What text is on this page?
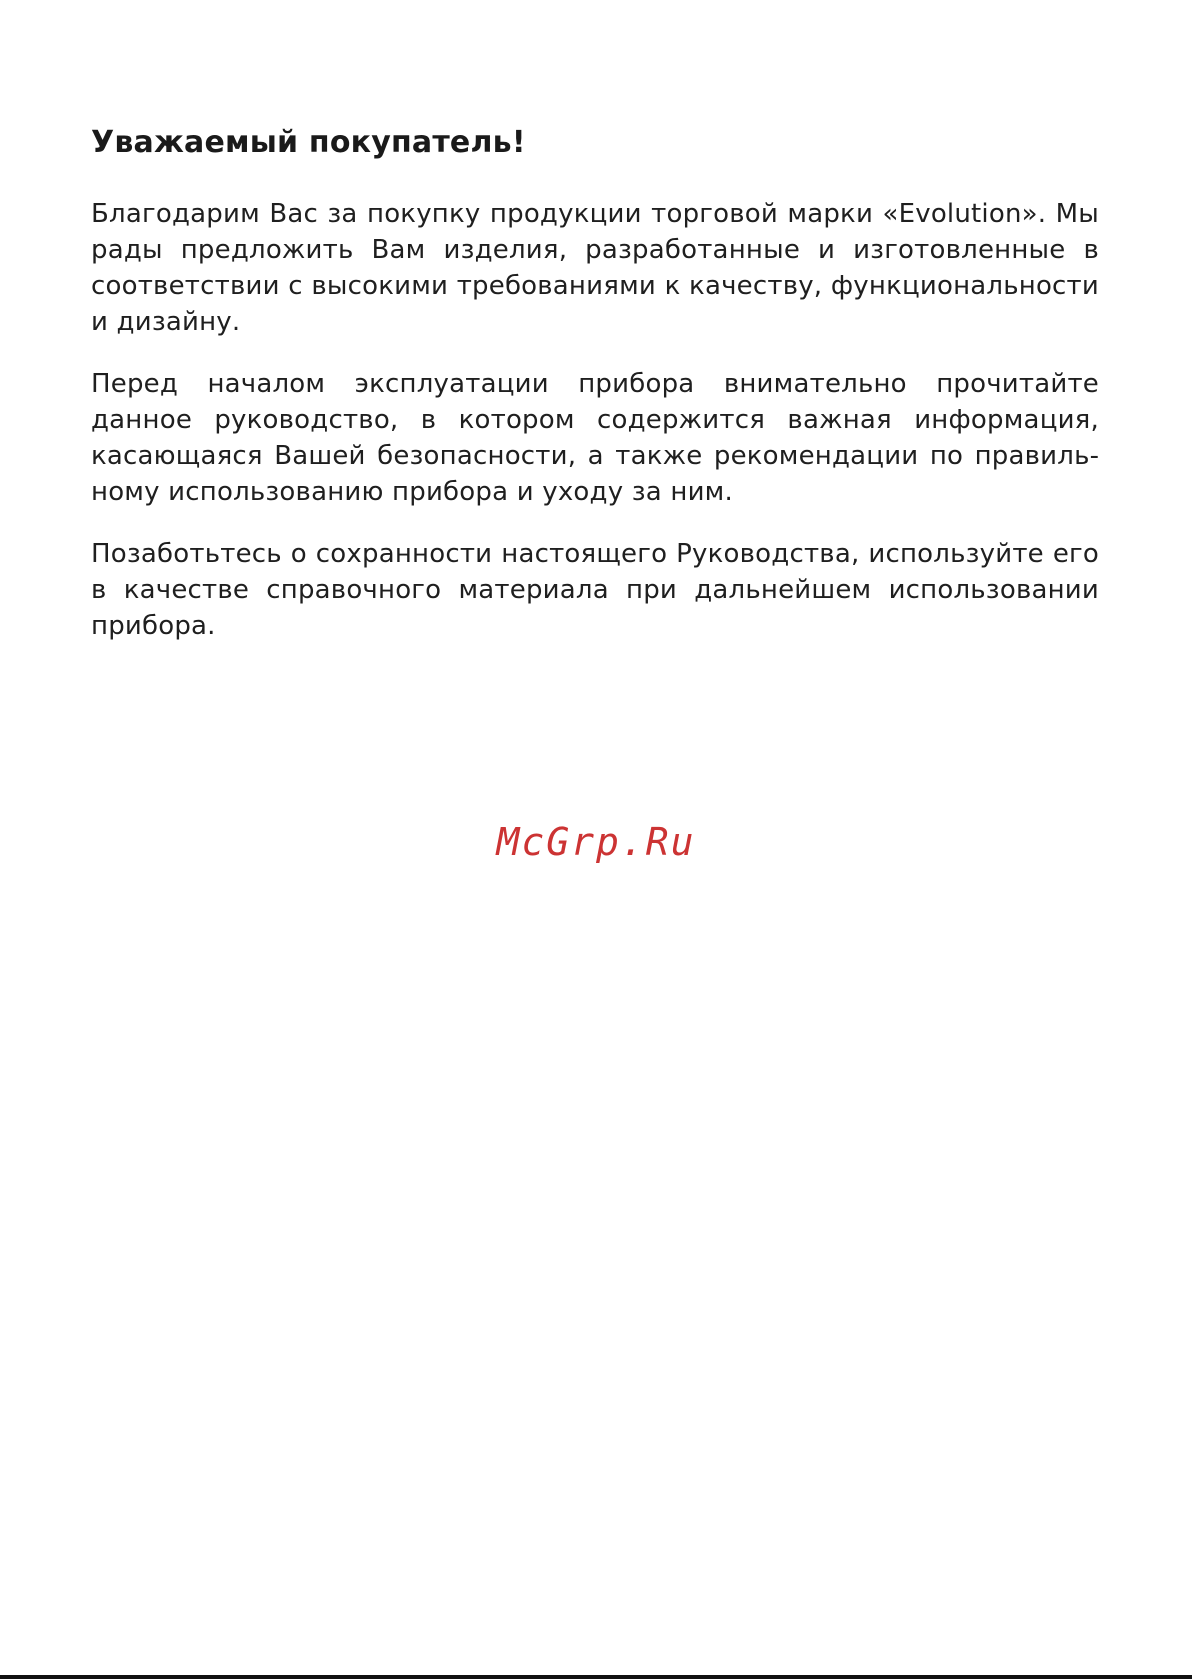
Уважаемый покупатель!

Благодарим Вас за покупку продукции торговой марки «Evolution». Мы рады предложить Вам изделия, разработанные и изготовленные в соответствии с высокими требованиями к качеству, функциональности и дизайну.

Перед началом эксплуатации прибора внимательно прочитайте данное руководство, в котором содержится важная информация, касающаяся Вашей безопасности, а также рекомендации по правильному использованию прибора и уходу за ним.

Позаботьтесь о сохранности настоящего Руководства, используйте его в качестве справочного материала при дальнейшем использовании прибора.

McGrp.Ru
